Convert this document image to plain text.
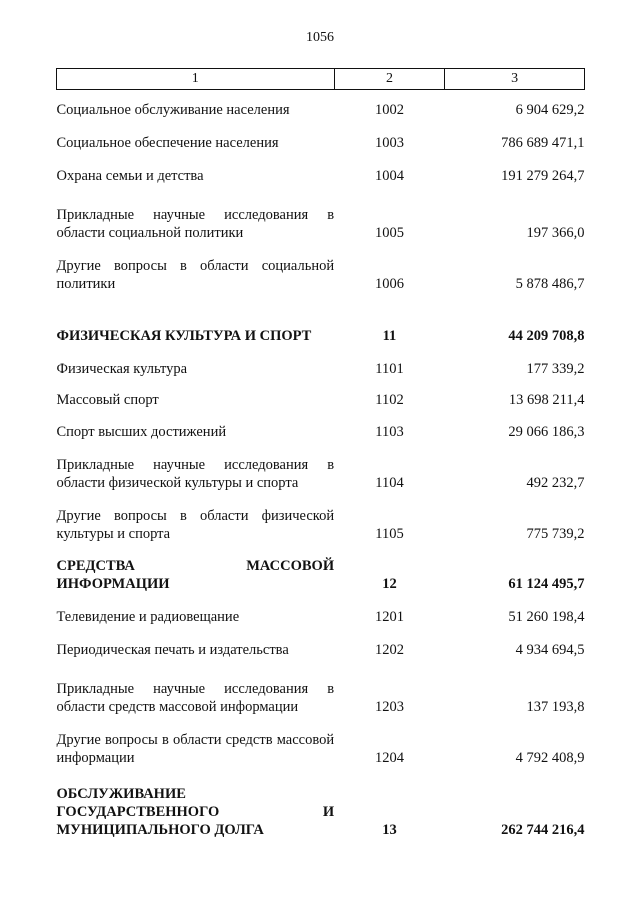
1056
1	2	3
Социальное обслуживание населения	1002	6 904 629,2
Социальное обеспечение населения	1003	786 689 471,1
Охрана семьи и детства	1004	191 279 264,7
Прикладные научные исследования в области социальной политики	1005	197 366,0
Другие вопросы в области социальной политики	1006	5 878 486,7
ФИЗИЧЕСКАЯ КУЛЬТУРА И СПОРТ	11	44 209 708,8
Физическая культура	1101	177 339,2
Массовый спорт	1102	13 698 211,4
Спорт высших достижений	1103	29 066 186,3
Прикладные научные исследования в области физической культуры и спорта	1104	492 232,7
Другие вопросы в области физической культуры и спорта	1105	775 739,2
СРЕДСТВА МАССОВОЙ ИНФОРМАЦИИ	12	61 124 495,7
Телевидение и радиовещание	1201	51 260 198,4
Периодическая печать и издательства	1202	4 934 694,5
Прикладные научные исследования в области средств массовой информации	1203	137 193,8
Другие вопросы в области средств массовой информации	1204	4 792 408,9
ОБСЛУЖИВАНИЕ ГОСУДАРСТВЕННОГО И МУНИЦИПАЛЬНОГО ДОЛГА	13	262 744 216,4
